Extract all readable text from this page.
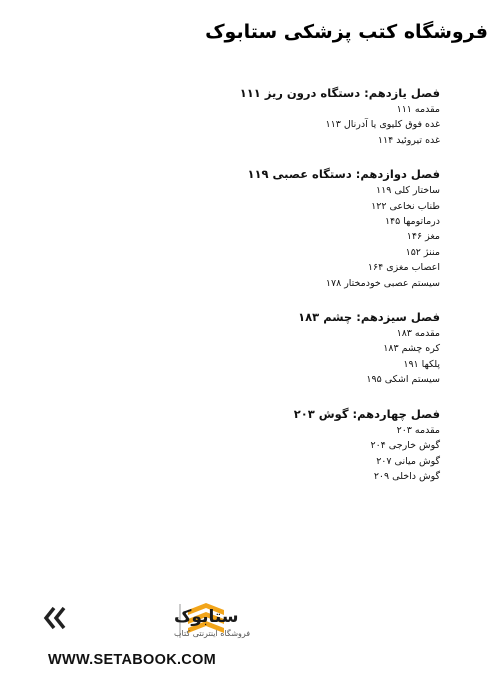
فروشگاه کتب پزشکی ستابوک
فصل یازدهم: دستگاه درون ریز ۱۱۱
مقدمه ۱۱۱
غده فوق کلیوی یا آدرنال ۱۱۳
غده تیروئید ۱۱۴
فصل دوازدهم: دستگاه عصبی ۱۱۹
ساختار کلی ۱۱۹
طناب نخاعی ۱۲۲
درماتومها ۱۴۵
مغز ۱۴۶
مننژ ۱۵۲
اعصاب مغزی ۱۶۴
سیستم عصبی خودمختار ۱۷۸
فصل سیزدهم: چشم ۱۸۳
مقدمه ۱۸۳
کره چشم ۱۸۳
پلکها ۱۹۱
سیستم اشکی ۱۹۵
فصل چهاردهم: گوش ۲۰۳
مقدمه ۲۰۳
گوش خارجی ۲۰۴
گوش میانی ۲۰۷
گوش داخلی ۲۰۹
ستابوک
فروشگاه اینترنتی کتاب
WWW.SETABOOK.COM
